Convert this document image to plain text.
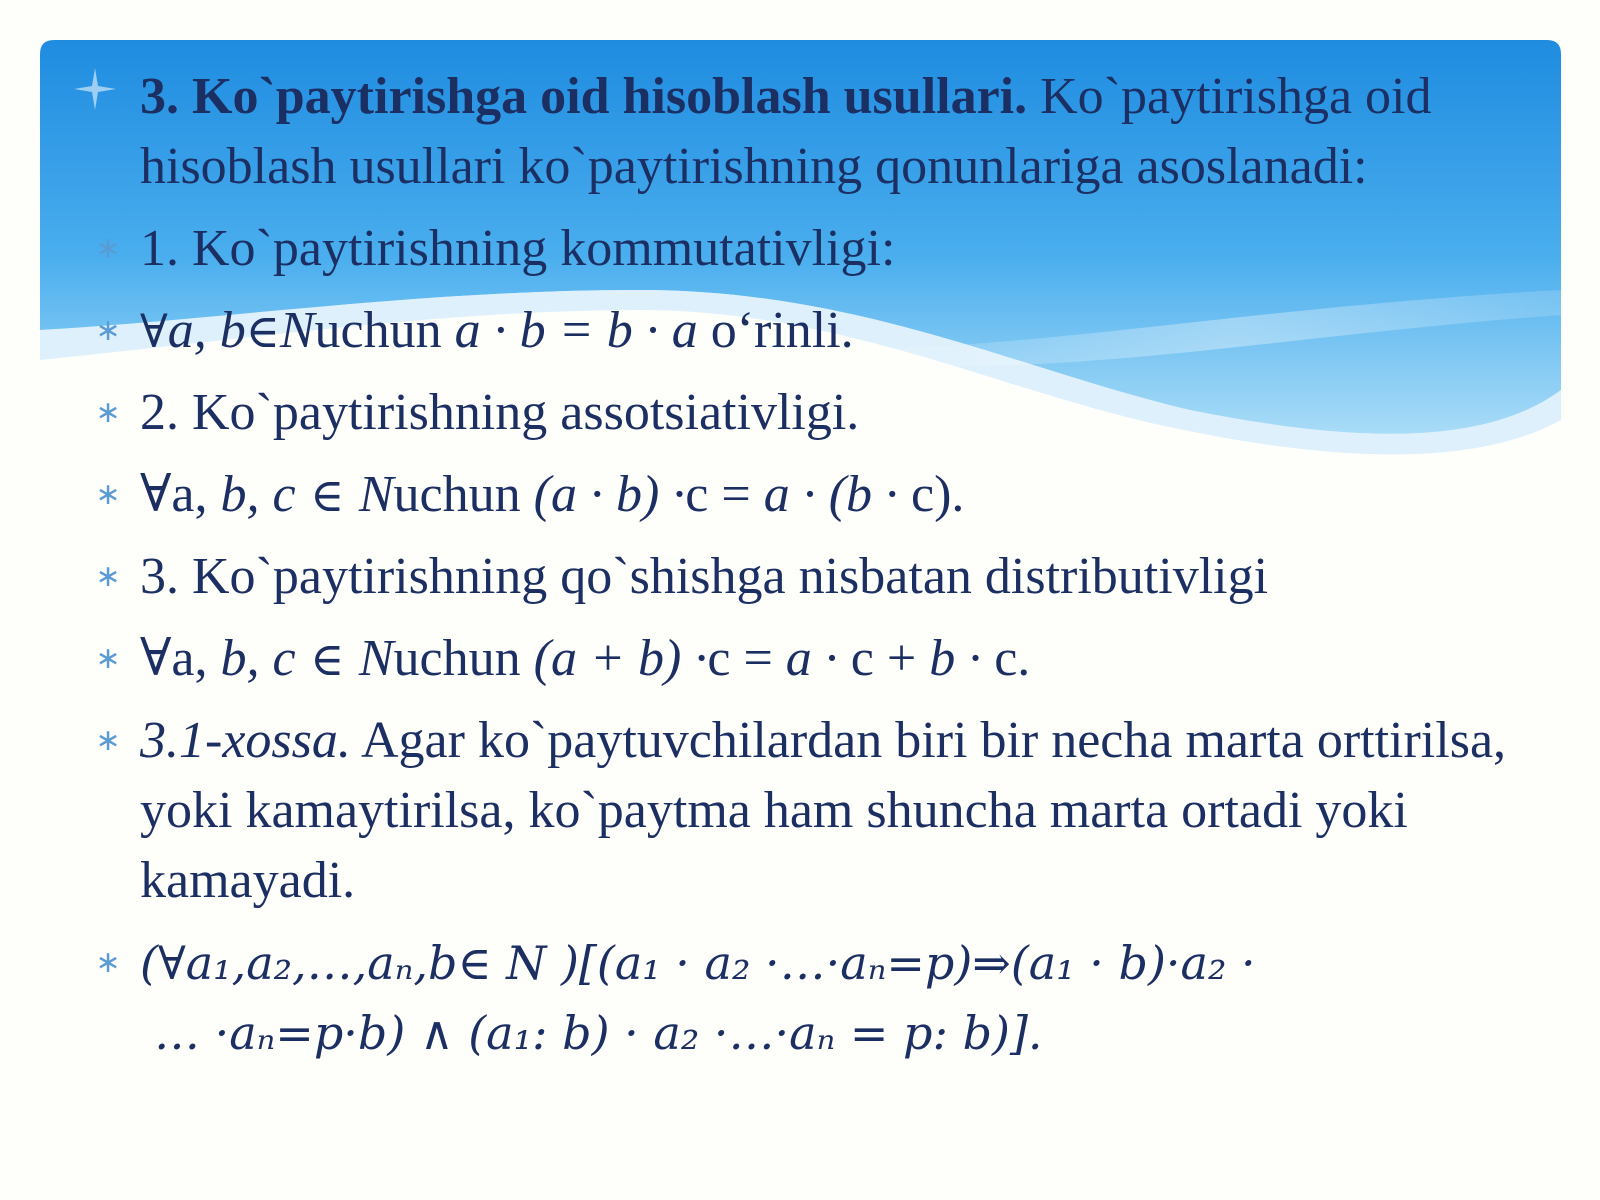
3. Ko`paytirishga oid hisoblash usullari. Ko`paytirishga oid hisoblash usullari ko`paytirishning qonunlariga asoslanadi:
∗ 1. Ko`paytirishning kommutativligi:
∗ ∀a, b∈Nuchun a · b = b · a o‘rinli.
∗ 2. Ko`paytirishning assotsiativligi.
∗ ∀a, b, c ∈ Nuchun (a · b) ·c = a · (b · c).
∗ 3. Ko`paytirishning qo`shishga nisbatan distributivligi
∗ ∀a, b, c ∈ Nuchun (a + b) ·c = a · c + b · c.
∗ 3.1-xossa. Agar ko`paytuvchilardan biri bir necha marta orttirilsa, yoki kamaytirilsa, ko`paytma ham shuncha marta ortadi yoki kamayadi.
∗ (∀a₁,a₂,…,aₙ,b∈ N )[(a₁ · a₂ ·…·aₙ=p)⇒(a₁ · b)·a₂ ·
… ·aₙ=p·b) ∧ (a₁: b) · a₂ ·…·aₙ = p: b)].
